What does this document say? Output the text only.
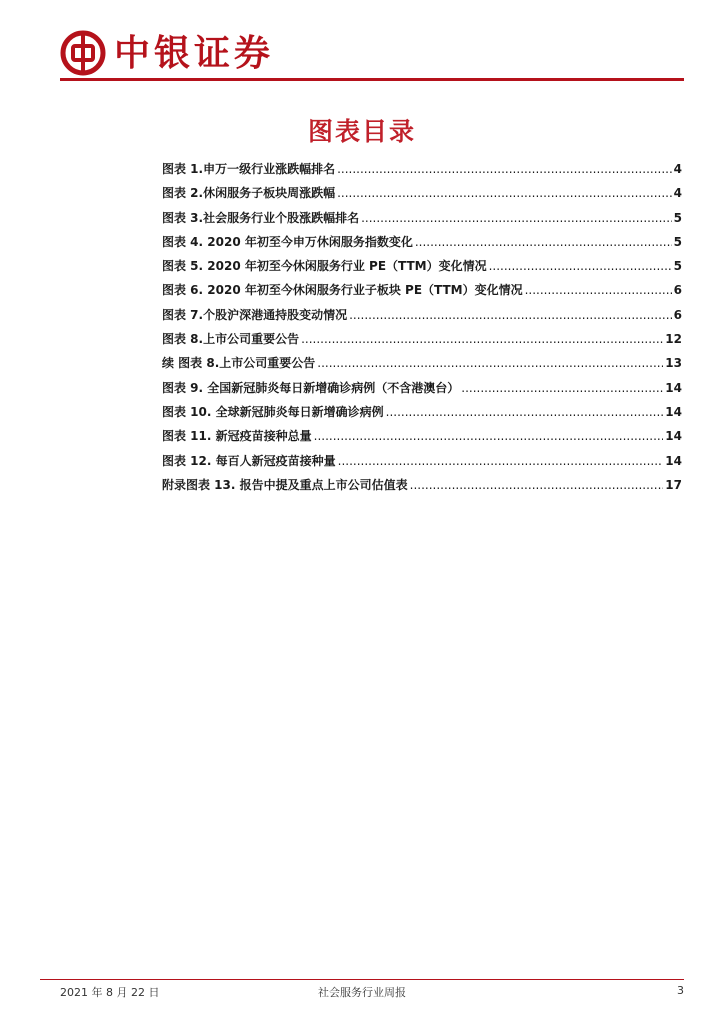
中银证券
图表目录
图表 1.申万一级行业涨跌幅排名 .....	4
图表 2.休闲服务子板块周涨跌幅 .....	4
图表 3.社会服务行业个股涨跌幅排名 .....	5
图表 4. 2020 年初至今申万休闲服务指数变化 .....	5
图表 5. 2020 年初至今休闲服务行业 PE（TTM）变化情况 .....	5
图表 6. 2020 年初至今休闲服务行业子板块 PE（TTM）变化情况 .....	6
图表 7.个股沪深港通持股变动情况 .....	6
图表 8.上市公司重要公告 .....	12
续 图表 8.上市公司重要公告 .....	13
图表 9. 全国新冠肺炎每日新增确诊病例（不含港澳台） .....	14
图表 10. 全球新冠肺炎每日新增确诊病例 .....	14
图表 11. 新冠疫苗接种总量 .....	14
图表 12. 每百人新冠疫苗接种量 .....	14
附录图表 13. 报告中提及重点上市公司估值表 .....	17
2021 年 8 月 22 日	社会服务行业周报	3
